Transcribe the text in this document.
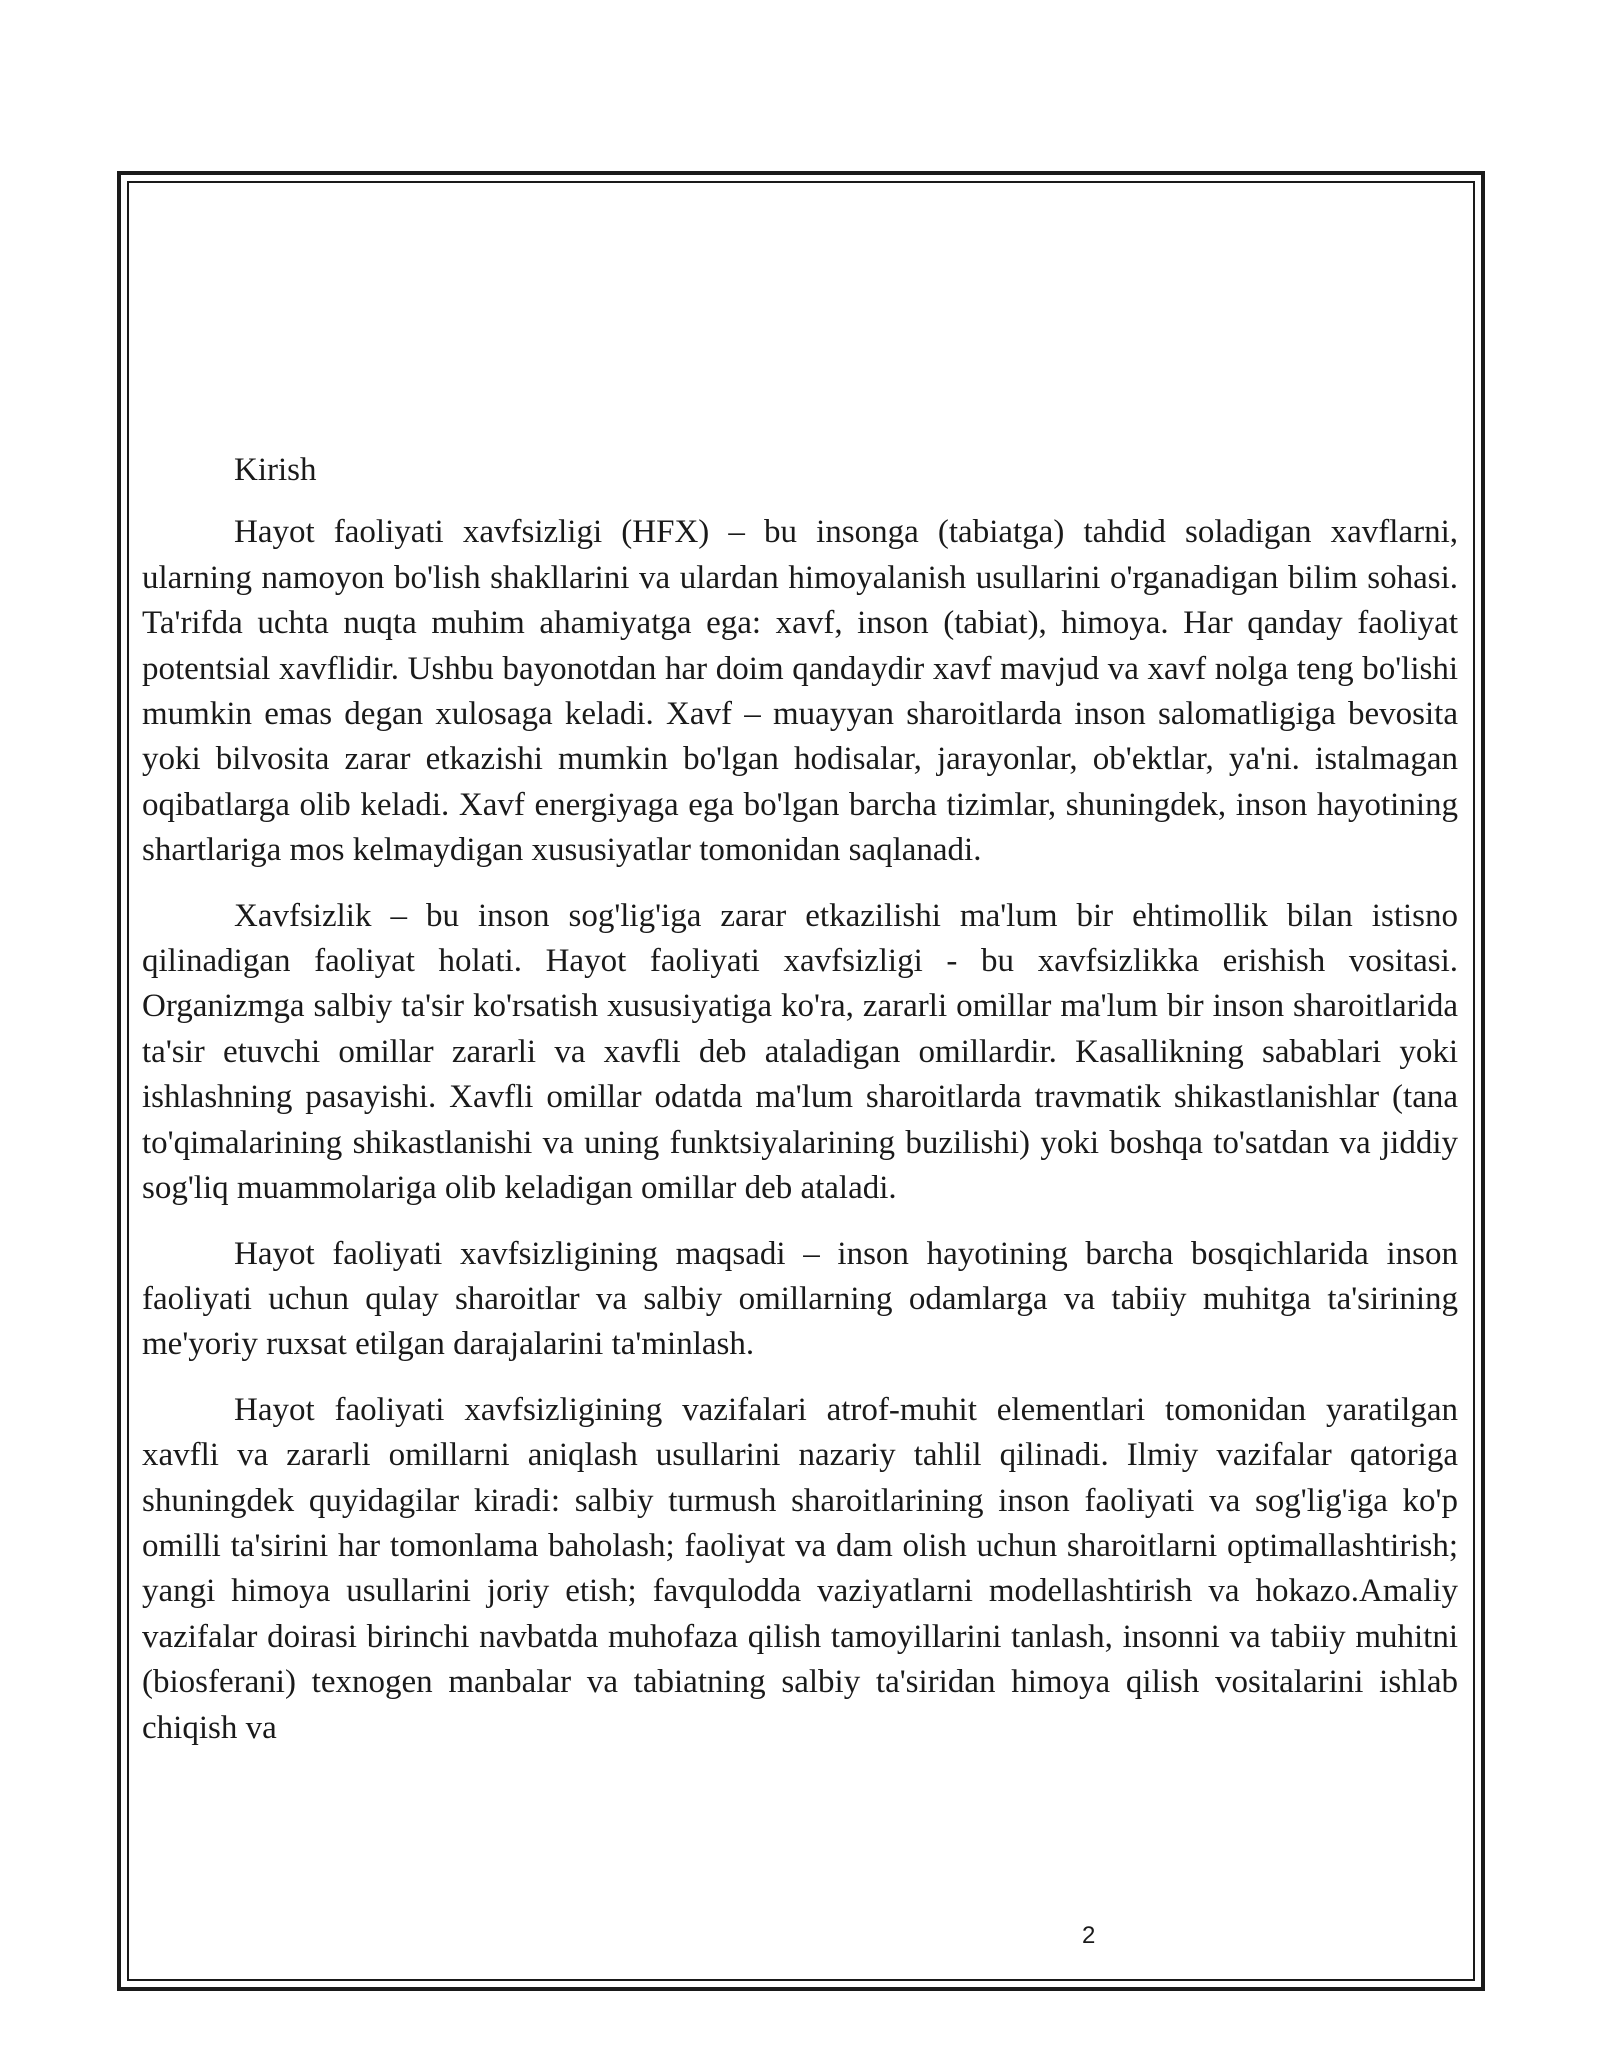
Kirish

Hayot faoliyati xavfsizligi (HFX) – bu insonga (tabiatga) tahdid soladigan xavflarni, ularning namoyon bo'lish shakllarini va ulardan himoyalanish usullarini o'rganadigan bilim sohasi. Ta'rifda uchta nuqta muhim ahamiyatga ega: xavf, inson (tabiat), himoya. Har qanday faoliyat potentsial xavflidir. Ushbu bayonotdan har doim qandaydir xavf mavjud va xavf nolga teng bo'lishi mumkin emas degan xulosaga keladi. Xavf – muayyan sharoitlarda inson salomatligiga bevosita yoki bilvosita zarar etkazishi mumkin bo'lgan hodisalar, jarayonlar, ob'ektlar, ya'ni. istalmagan oqibatlarga olib keladi. Xavf energiyaga ega bo'lgan barcha tizimlar, shuningdek, inson hayotining shartlariga mos kelmaydigan xususiyatlar tomonidan saqlanadi.

Xavfsizlik – bu inson sog'lig'iga zarar etkazilishi ma'lum bir ehtimollik bilan istisno qilinadigan faoliyat holati. Hayot faoliyati xavfsizligi - bu xavfsizlikka erishish vositasi. Organizmga salbiy ta'sir ko'rsatish xususiyatiga ko'ra, zararli omillar ma'lum bir inson sharoitlarida ta'sir etuvchi omillar zararli va xavfli deb ataladigan omillardir. Kasallikning sabablari yoki ishlashning pasayishi. Xavfli omillar odatda ma'lum sharoitlarda travmatik shikastlanishlar (tana to'qimalarining shikastlanishi va uning funktsiyalarining buzilishi) yoki boshqa to'satdan va jiddiy sog'liq muammolariga olib keladigan omillar deb ataladi.

Hayot faoliyati xavfsizligining maqsadi – inson hayotining barcha bosqichlarida inson faoliyati uchun qulay sharoitlar va salbiy omillarning odamlarga va tabiiy muhitga ta'sirining me'yoriy ruxsat etilgan darajalarini ta'minlash.

Hayot faoliyati xavfsizligining vazifalari atrof-muhit elementlari tomonidan yaratilgan xavfli va zararli omillarni aniqlash usullarini nazariy tahlil qilinadi. Ilmiy vazifalar qatoriga shuningdek quyidagilar kiradi: salbiy turmush sharoitlarining inson faoliyati va sog'lig'iga ko'p omilli ta'sirini har tomonlama baholash; faoliyat va dam olish uchun sharoitlarni optimallashtirish; yangi himoya usullarini joriy etish; favqulodda vaziyatlarni modellashtirish va hokazo.Amaliy vazifalar doirasi birinchi navbatda muhofaza qilish tamoyillarini tanlash, insonni va tabiiy muhitni (biosferani) texnogen manbalar va tabiatning salbiy ta'siridan himoya qilish vositalarini ishlab chiqish va

2
